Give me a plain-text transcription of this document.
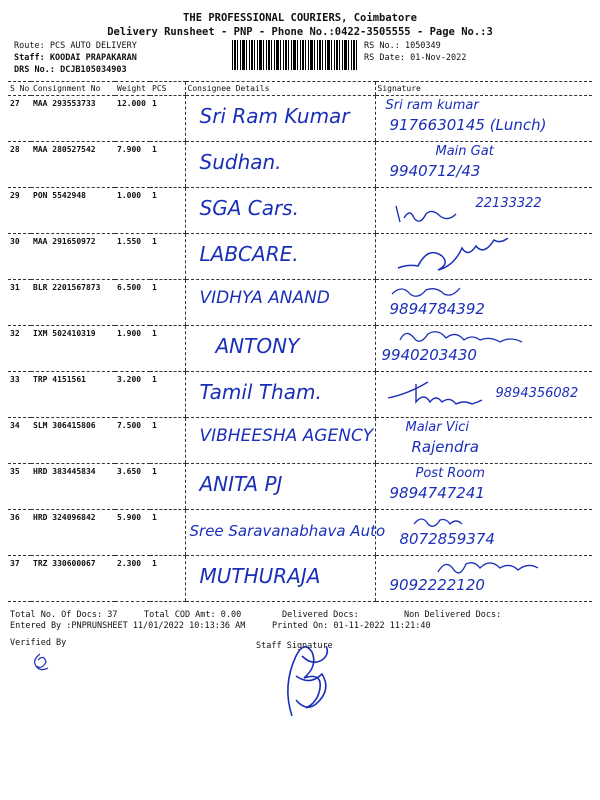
THE PROFESSIONAL COURIERS, Coimbatore
Delivery Runsheet - PNP - Phone No.:0422-3505555 - Page No.:3
Route: PCS AUTO DELIVERY
Staff: KOODAI PRAPAKARAN
DRS No.: DCJB105034903
RS No.: 1050349
RS Date: 01-Nov-2022
S No	Consignment No	Weight	PCS	Consignee Details	Signature
27	MAA 293553733	12.000	1	Sri Ram Kumar	Sri ram kumar
9176630145 (Lunch)

28	MAA 280527542	7.900	1	Sudhan.	Main Gat
9940712/43

29	PON 5542948	1.000	1	SGA Cars.	22133322

30	MAA 291650972	1.550	1	LABCARE.

31	BLR 2201567873	6.500	1	VIDHYA ANAND	9894784392

32	IXM 502410319	1.900	1	ANTONY	9940203430

33	TRP 4151561	3.200	1	Tamil Tham.	9894356082

34	SLM 306415806	7.500	1	VIBHEESHA AGENCY	Malar Vici
Rajendra

35	HRD 383445834	3.650	1	ANITA PJ	Post Room
9894747241

36	HRD 324096842	5.900	1	Sree Saravanabhava Auto	8072859374

37	TRZ 330600067	2.300	1	MUTHURAJA	9092222120
Total No. Of Docs: 37	Total COD Amt: 0.00	Delivered Docs:	Non Delivered Docs:
Entered By :PNPRUNSHEET 11/01/2022 10:13:36 AM	Printed On: 01-11-2022 11:21:40
Verified By	Staff Signature
